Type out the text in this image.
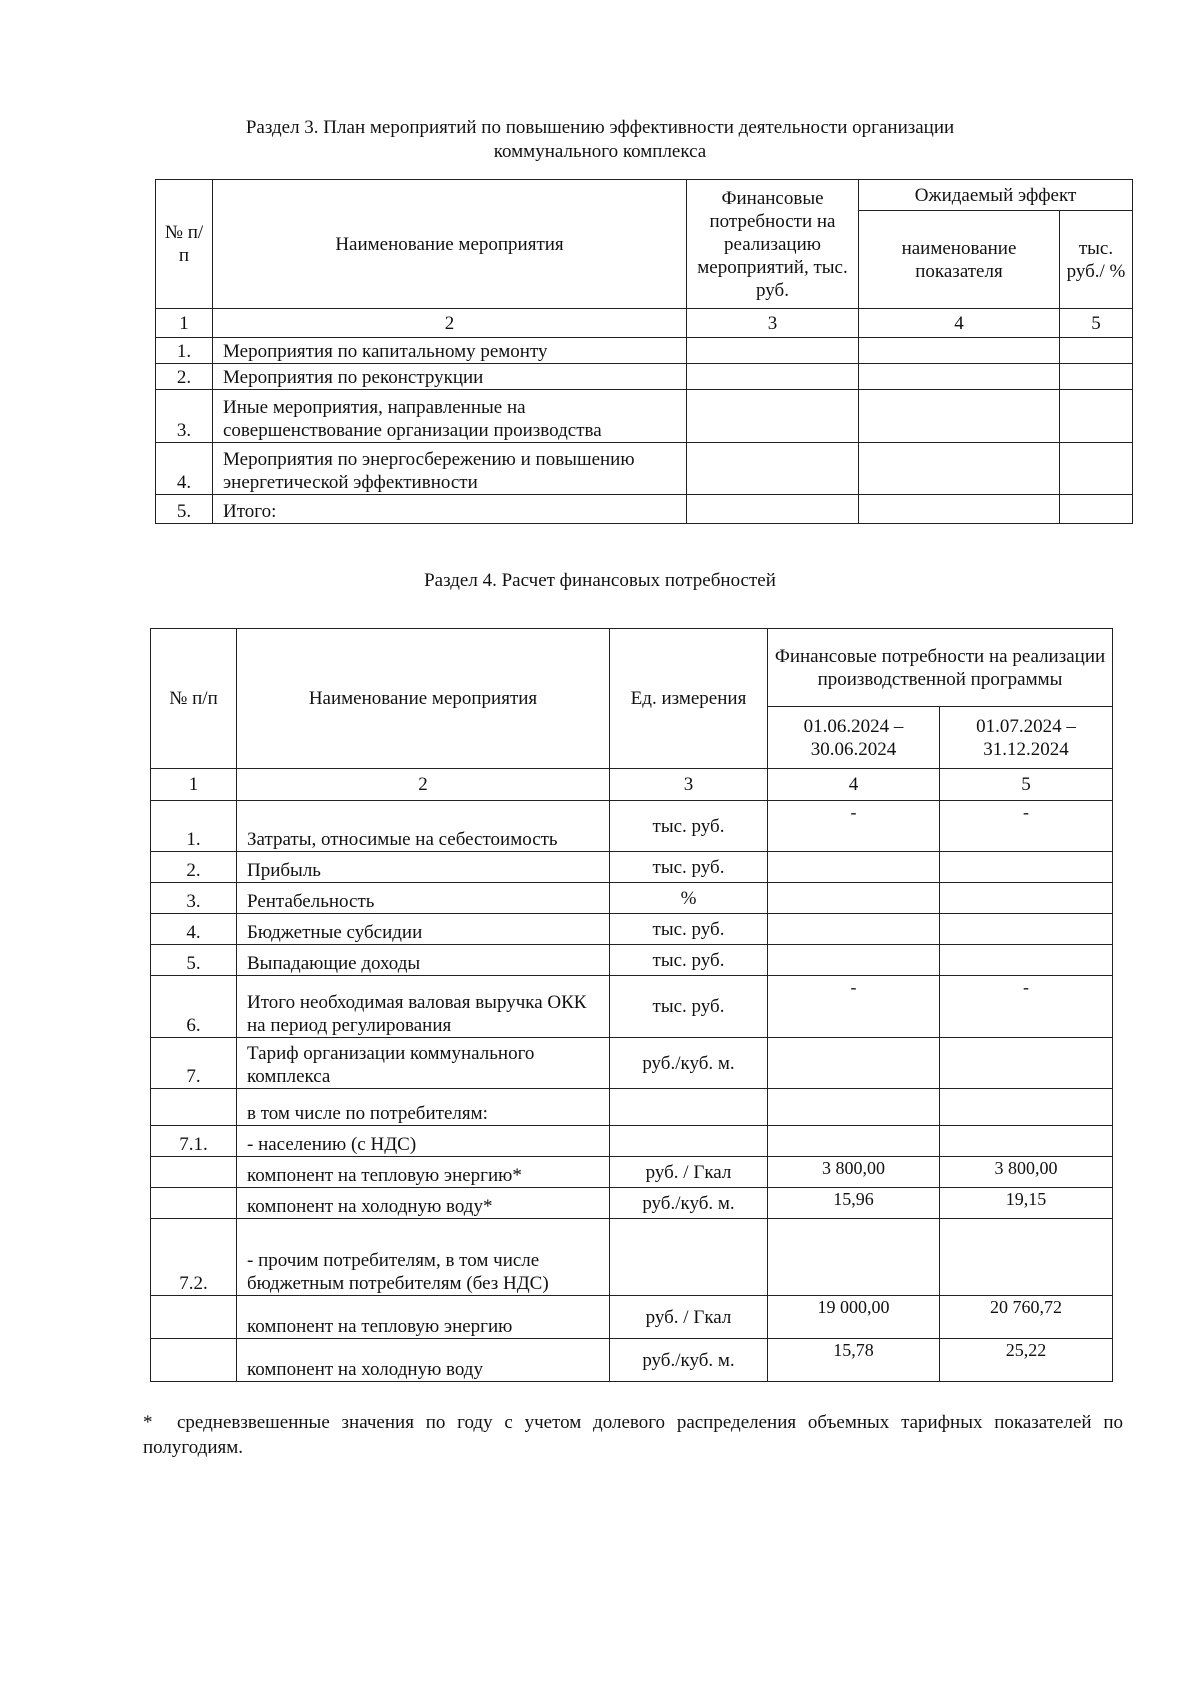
Раздел 3. План мероприятий по повышению эффективности деятельности организации
коммунального комплекса
№ п/п	Наименование мероприятия	Финансовые потребности на реализацию мероприятий, тыс. руб.	Ожидаемый эффект	
			наименование показателя	тыс. руб./ %
1	2	3	4	5
1.	Мероприятия по капитальному ремонту			
2.	Мероприятия по реконструкции			
3.	Иные мероприятия, направленные на совершенствование организации производства			
4.	Мероприятия по энергосбережению и повышению энергетической эффективности			
5.	Итого:			
Раздел 4. Расчет финансовых потребностей
№ п/п	Наименование мероприятия	Ед. измерения	Финансовые потребности на реализации производственной программы	
			01.06.2024 – 30.06.2024	01.07.2024 – 31.12.2024
1	2	3	4	5
1.	Затраты, относимые на себестоимость	тыс. руб.	-	-
2.	Прибыль	тыс. руб.		
3.	Рентабельность	%		
4.	Бюджетные субсидии	тыс. руб.		
5.	Выпадающие доходы	тыс. руб.		
6.	Итого необходимая валовая выручка ОКК на период регулирования	тыс. руб.	-	-
7.	Тариф организации коммунального комплекса	руб./куб. м.		
	в том числе по потребителям:			
7.1.	- населению (с НДС)			
	компонент на тепловую энергию*	руб. / Гкал	3 800,00	3 800,00
	компонент на холодную воду*	руб./куб. м.	15,96	19,15
7.2.	- прочим потребителям, в том числе бюджетным потребителям (без НДС)			
	компонент на тепловую энергию	руб. / Гкал	19 000,00	20 760,72
	компонент на холодную воду	руб./куб. м.	15,78	25,22
* средневзвешенные значения по году с учетом долевого распределения объемных тарифных показателей по полугодиям.
